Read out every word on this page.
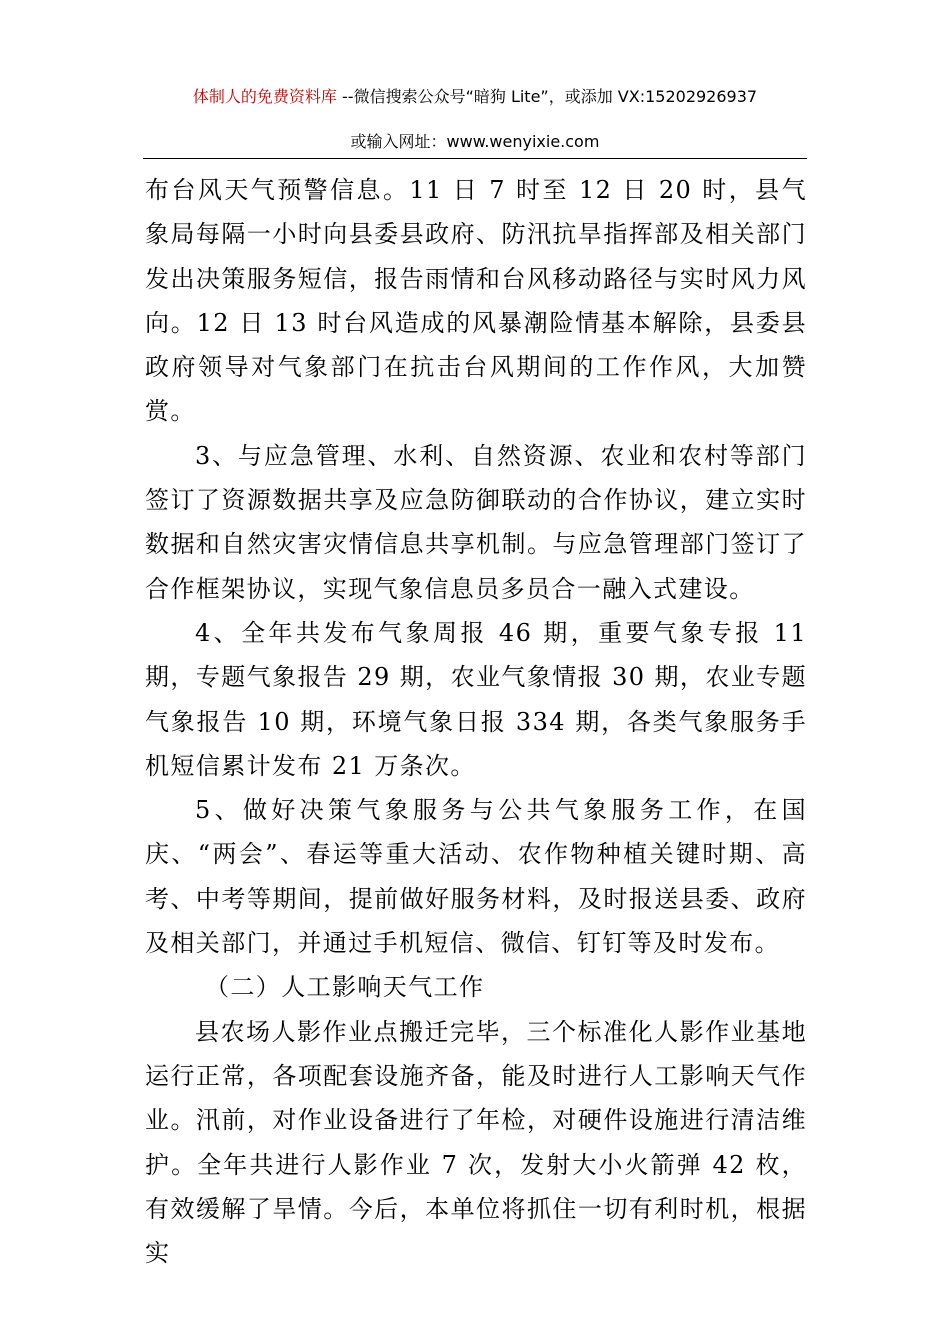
体制人的免费资料库 --微信搜索公众号“暗狗 Lite”，或添加 VX:15202926937
或输入网址：www.wenyixie.com

布台风天气预警信息。11 日 7 时至 12 日 20 时，县气象局每隔一小时向县委县政府、防汛抗旱指挥部及相关部门发出决策服务短信，报告雨情和台风移动路径与实时风力风向。12 日 13 时台风造成的风暴潮险情基本解除，县委县政府领导对气象部门在抗击台风期间的工作作风，大加赞赏。

3、与应急管理、水利、自然资源、农业和农村等部门签订了资源数据共享及应急防御联动的合作协议，建立实时数据和自然灾害灾情信息共享机制。与应急管理部门签订了合作框架协议，实现气象信息员多员合一融入式建设。

4、全年共发布气象周报 46 期，重要气象专报 11 期，专题气象报告 29 期，农业气象情报 30 期，农业专题气象报告 10 期，环境气象日报 334 期，各类气象服务手机短信累计发布 21 万条次。

5、做好决策气象服务与公共气象服务工作，在国庆、“两会”、春运等重大活动、农作物种植关键时期、高考、中考等期间，提前做好服务材料，及时报送县委、政府及相关部门，并通过手机短信、微信、钉钉等及时发布。

（二）人工影响天气工作

县农场人影作业点搬迁完毕，三个标准化人影作业基地运行正常，各项配套设施齐备，能及时进行人工影响天气作业。汛前，对作业设备进行了年检，对硬件设施进行清洁维护。全年共进行人影作业 7 次，发射大小火箭弹 42 枚，有效缓解了旱情。今后，本单位将抓住一切有利时机，根据实
